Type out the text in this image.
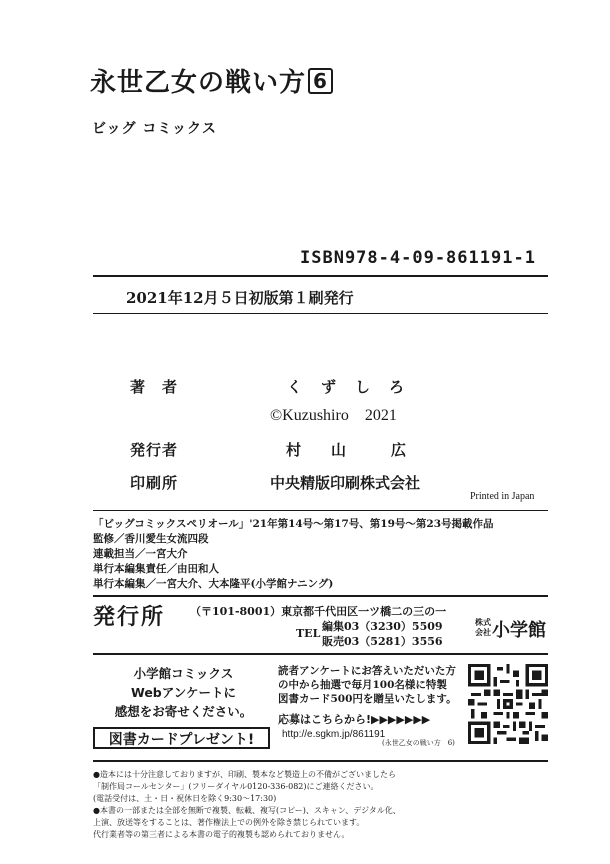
永世乙女の戦い方 6
ビッグ コミックス
ISBN978-4-09-861191-1
2021年12月５日初版第１刷発行
著　者	く　ず　し　ろ
©Kuzushiro　2021
発行者	村　　山　　　広
印刷所	中央精版印刷株式会社
Printed in Japan
「ビッグコミックスペリオール」'21年第14号～第17号、第19号～第23号掲載作品
監修／香川愛生女流四段
連載担当／一宮大介
単行本編集責任／由田和人
単行本編集／一宮大介、大本隆平(小学館ナニング)
発行所 （〒101-8001）東京都千代田区一ツ橋二の三の一
TEL
編集03（3230）5509
販売03（5281）3556
株式
会社 小学館
小学館コミックス
Webアンケートに
感想をお寄せください。
図書カードプレゼント!
読者アンケートにお答えいただいた方
の中から抽選で毎月100名様に特製
図書カード500円を贈呈いたします。
応募はこちらから!▶▶▶▶▶▶▶
http://e.sgkm.jp/861191
(永世乙女の戦い方　6)
●造本には十分注意しておりますが、印刷、製本など製造上の不備がございましたら
「制作局コールセンター」(フリーダイヤル0120-336-082)にご連絡ください。
(電話受付は、土・日・祝休日を除く9:30～17:30)
●本書の一部または全部を無断で複製、転載、複写(コピー)、スキャン、デジタル化、
上演、放送等をすることは、著作権法上での例外を除き禁じられています。
代行業者等の第三者による本書の電子的複製も認められておりません。
